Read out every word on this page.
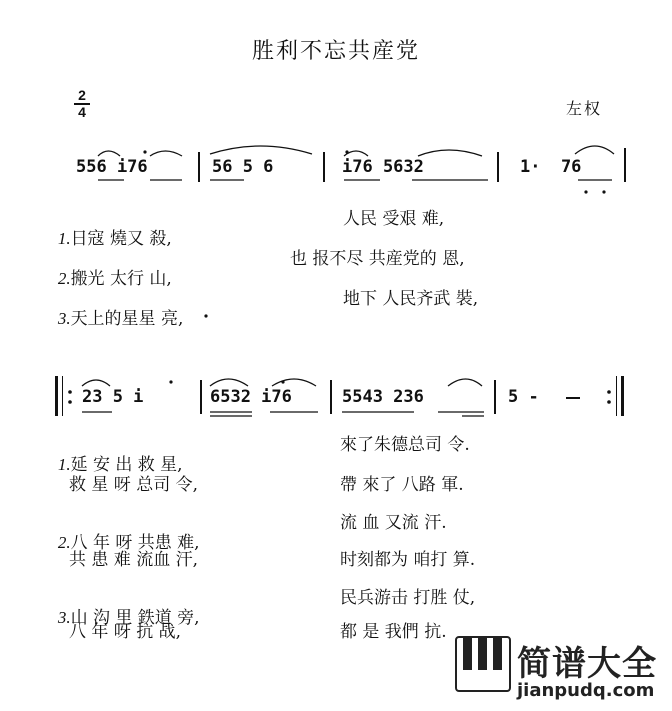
胜利不忘共産党
$\frac{2}{4}$	左权
556 i76	56 5 6	i76 5632	1·  76

1.日寇 燒又 殺,

人民 受艰 难,

2.搬光 太行 山,

也 报不尽 共産党的 恩,

3.天上的星星 亮,

地下 人民齐武 裝,
23 5 i	6532 i76	5543 236	5 -

1.延 安 出 救 星,

來了朱德总司 令.
救 星 呀 总司 令,	帶 來了 八路 軍.

2.八 年 呀 共患 难,

流 血 又流 汗.
共 患 难 流血 汗,	时刻都为 咱打 算.

3.山 沟 里 鉄道 旁,

民兵游击 打胜 仗,
八 年 呀 抗 战,	都 是 我們 抗.
简谱大全
jianpudq.com
